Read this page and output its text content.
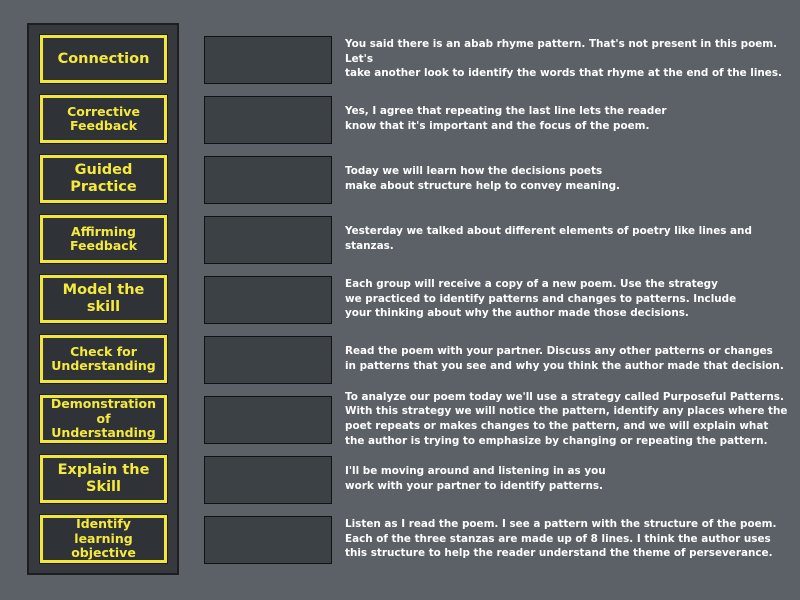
Connection
You said there is an abab rhyme pattern. That's not present in this poem. Let's
take another look to identify the words that rhyme at the end of the lines.
Corrective
Feedback
Yes, I agree that repeating the last line lets the reader
know that it's important and the focus of the poem.
Guided Practice
Today we will learn how the decisions poets
make about structure help to convey meaning.
Affirming
Feedback
Yesterday we talked about different elements of poetry like lines and stanzas.
Model the skill
Each group will receive a copy of a new poem. Use the strategy
we practiced to identify patterns and changes to patterns. Include
your thinking about why the author made those decisions.
Check for
Understanding
Read the poem with your partner. Discuss any other patterns or changes
in patterns that you see and why you think the author made that decision.
Demonstration
of Understanding
To analyze our poem today we'll use a strategy called Purposeful Patterns.
With this strategy we will notice the pattern, identify any places where the
poet repeats or makes changes to the pattern, and we will explain what
the author is trying to emphasize by changing or repeating the pattern.
Explain the Skill
I'll be moving around and listening in as you
work with your partner to identify patterns.
Identify learning
objective
Listen as I read the poem. I see a pattern with the structure of the poem.
Each of the three stanzas are made up of 8 lines. I think the author uses
this structure to help the reader understand the theme of perseverance.
